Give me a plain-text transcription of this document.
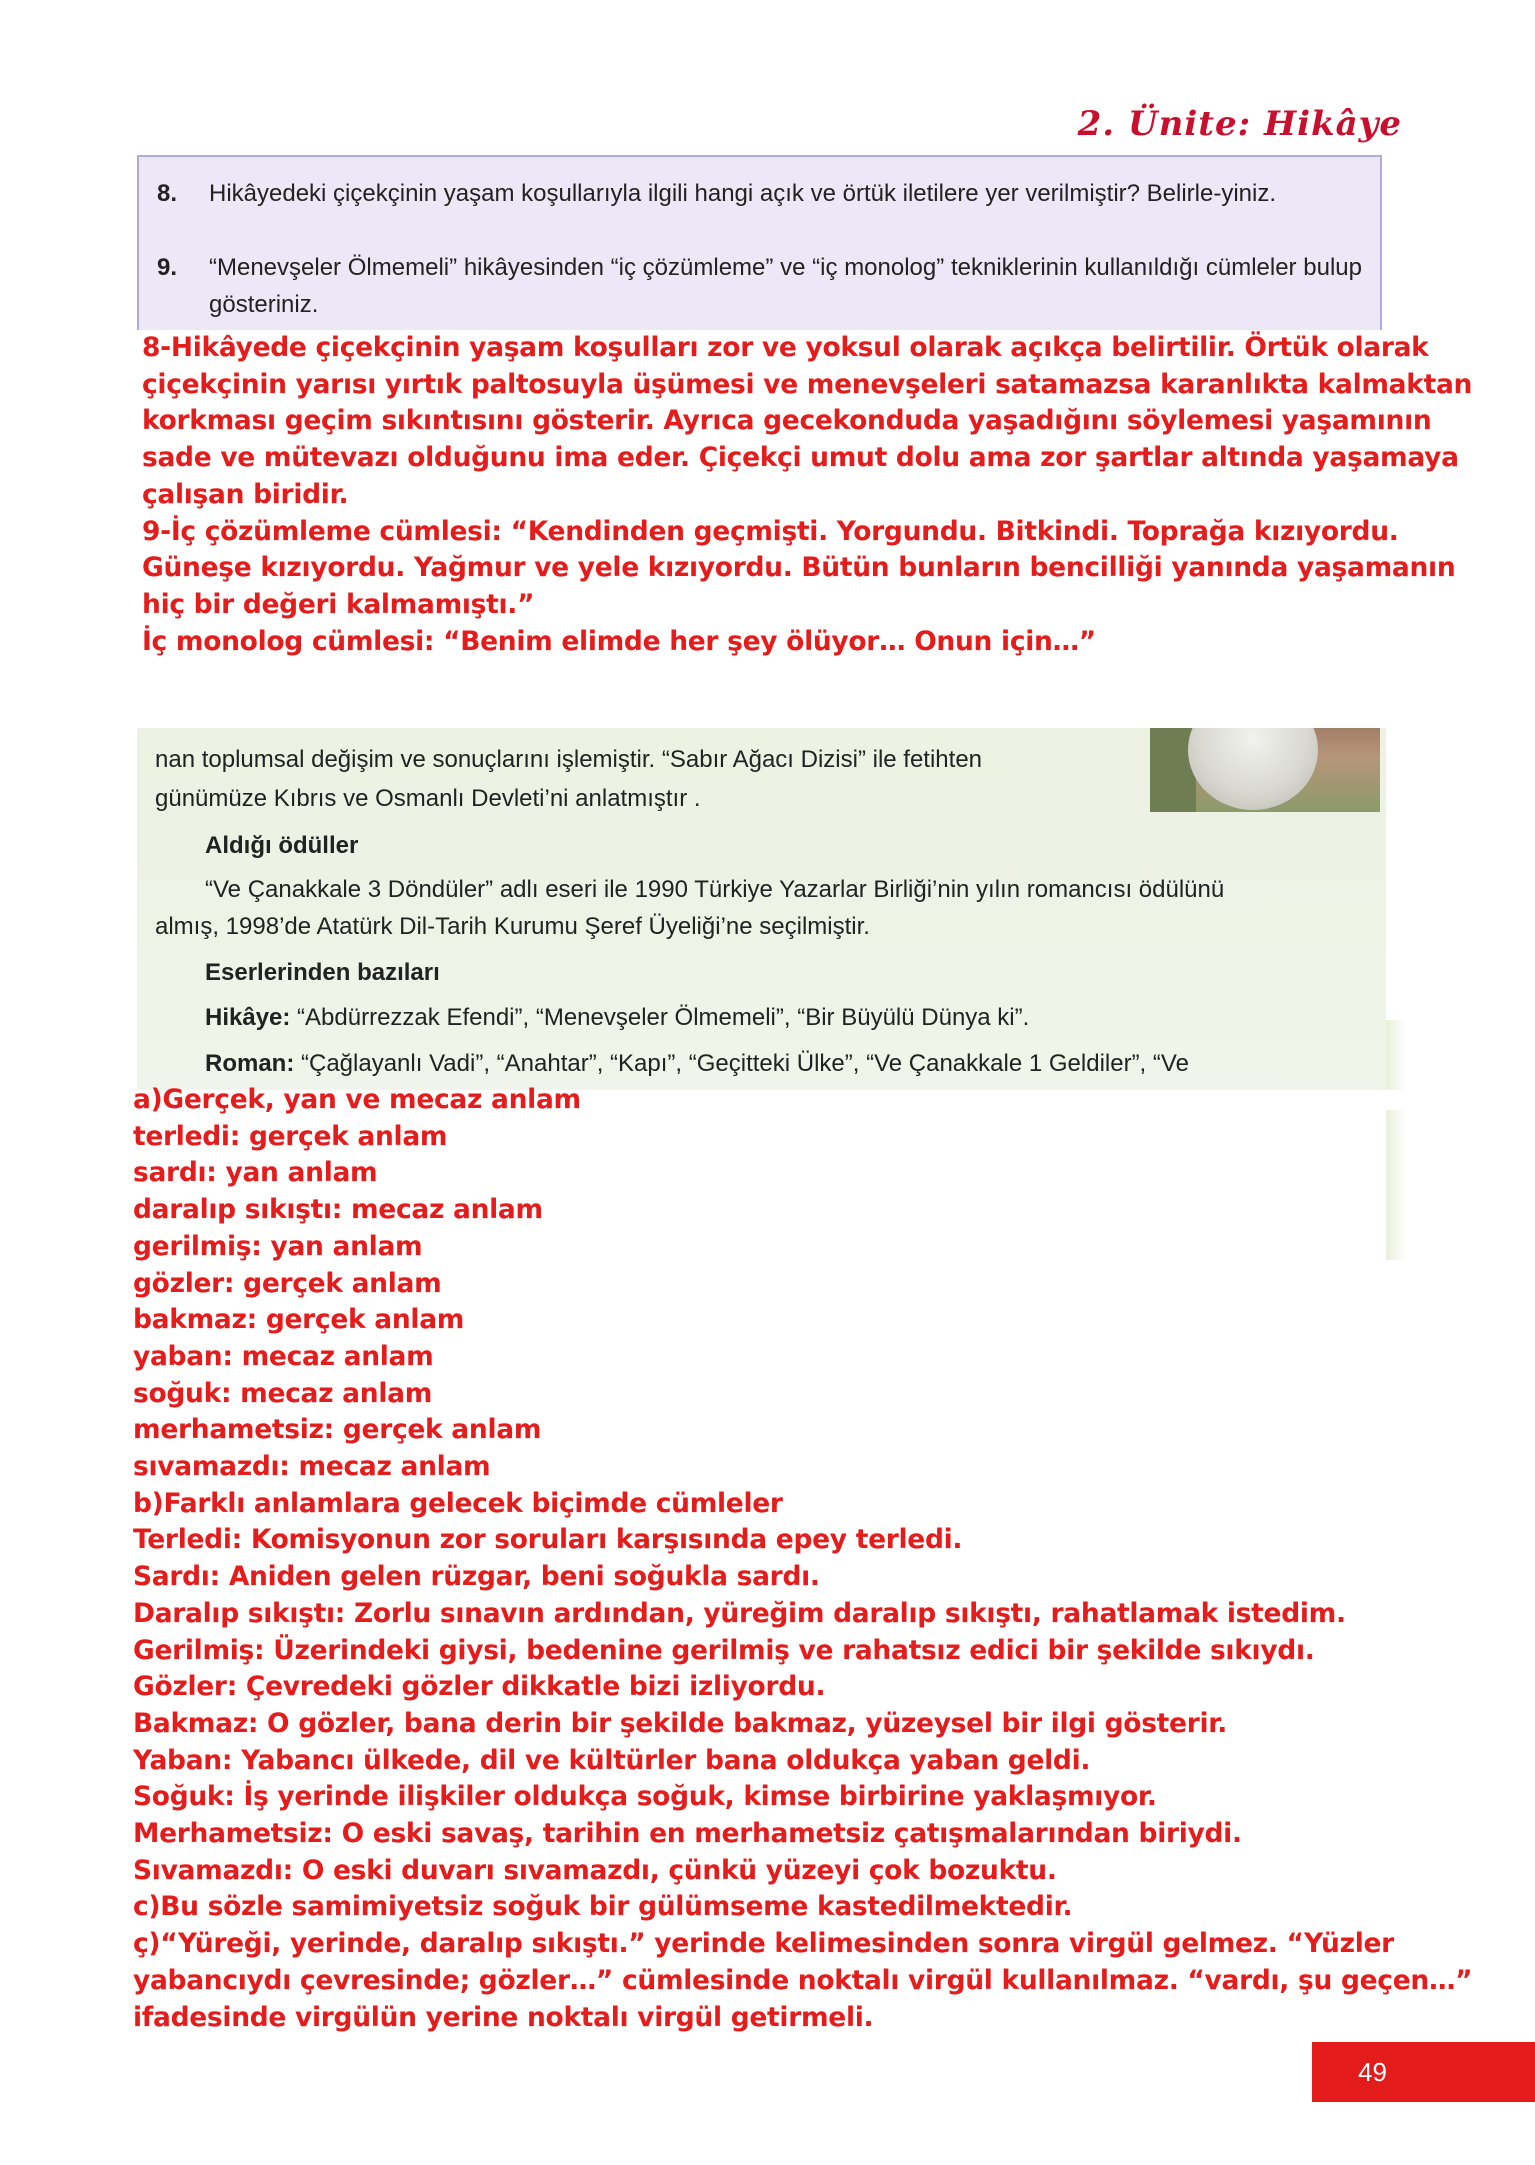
2. Ünite: Hikâye
8. Hikâyedeki çiçekçinin yaşam koşullarıyla ilgili hangi açık ve örtük iletilere yer verilmiştir? Belirle-yiniz.
9. “Menevşeler Ölmemeli” hikâyesinden “iç çözümleme” ve “iç monolog” tekniklerinin kullanıldığı cümleler bulup gösteriniz.
8-Hikâyede çiçekçinin yaşam koşulları zor ve yoksul olarak açıkça belirtilir. Örtük olarak
çiçekçinin yarısı yırtık paltosuyla üşümesi ve menevşeleri satamazsa karanlıkta kalmaktan
korkması geçim sıkıntısını gösterir. Ayrıca gecekonduda yaşadığını söylemesi yaşamının
sade ve mütevazı olduğunu ima eder. Çiçekçi umut dolu ama zor şartlar altında yaşamaya
çalışan biridir.
9-İç çözümleme cümlesi: “Kendinden geçmişti. Yorgundu. Bitkindi. Toprağa kızıyordu.
Güneşe kızıyordu. Yağmur ve yele kızıyordu. Bütün bunların bencilliği yanında yaşamanın
hiç bir değeri kalmamıştı.”
İç monolog cümlesi: “Benim elimde her şey ölüyor… Onun için…”

nan toplumsal değişim ve sonuçlarını işlemiştir. “Sabır Ağacı Dizisi” ile fetihten

günümüze Kıbrıs ve Osmanlı Devleti’ni anlatmıştır .

Aldığı ödüller

“Ve Çanakkale 3 Döndüler” adlı eseri ile 1990 Türkiye Yazarlar Birliği’nin yılın romancısı ödülünü

almış, 1998’de Atatürk Dil-Tarih Kurumu Şeref Üyeliği’ne seçilmiştir.

Eserlerinden bazıları

Hikâye: “Abdürrezzak Efendi”, “Menevşeler Ölmemeli”, “Bir Büyülü Dünya ki”.

Roman: “Çağlayanlı Vadi”, “Anahtar”, “Kapı”, “Geçitteki Ülke”, “Ve Çanakkale 1 Geldiler”, “Ve

a)Gerçek, yan ve mecaz anlam
terledi: gerçek anlam
sardı: yan anlam
daralıp sıkıştı: mecaz anlam
gerilmiş: yan anlam
gözler: gerçek anlam
bakmaz: gerçek anlam
yaban: mecaz anlam
soğuk: mecaz anlam
merhametsiz: gerçek anlam
sıvamazdı: mecaz anlam
b)Farklı anlamlara gelecek biçimde cümleler
Terledi: Komisyonun zor soruları karşısında epey terledi.
Sardı: Aniden gelen rüzgar, beni soğukla sardı.
Daralıp sıkıştı: Zorlu sınavın ardından, yüreğim daralıp sıkıştı, rahatlamak istedim.
Gerilmiş: Üzerindeki giysi, bedenine gerilmiş ve rahatsız edici bir şekilde sıkıydı.
Gözler: Çevredeki gözler dikkatle bizi izliyordu.
Bakmaz: O gözler, bana derin bir şekilde bakmaz, yüzeysel bir ilgi gösterir.
Yaban: Yabancı ülkede, dil ve kültürler bana oldukça yaban geldi.
Soğuk: İş yerinde ilişkiler oldukça soğuk, kimse birbirine yaklaşmıyor.
Merhametsiz: O eski savaş, tarihin en merhametsiz çatışmalarından biriydi.
Sıvamazdı: O eski duvarı sıvamazdı, çünkü yüzeyi çok bozuktu.
c)Bu sözle samimiyetsiz soğuk bir gülümseme kastedilmektedir.
ç)“Yüreği, yerinde, daralıp sıkıştı.” yerinde kelimesinden sonra virgül gelmez. “Yüzler
yabancıydı çevresinde; gözler…” cümlesinde noktalı virgül kullanılmaz. “vardı, şu geçen…”
ifadesinde virgülün yerine noktalı virgül getirmeli.

49
